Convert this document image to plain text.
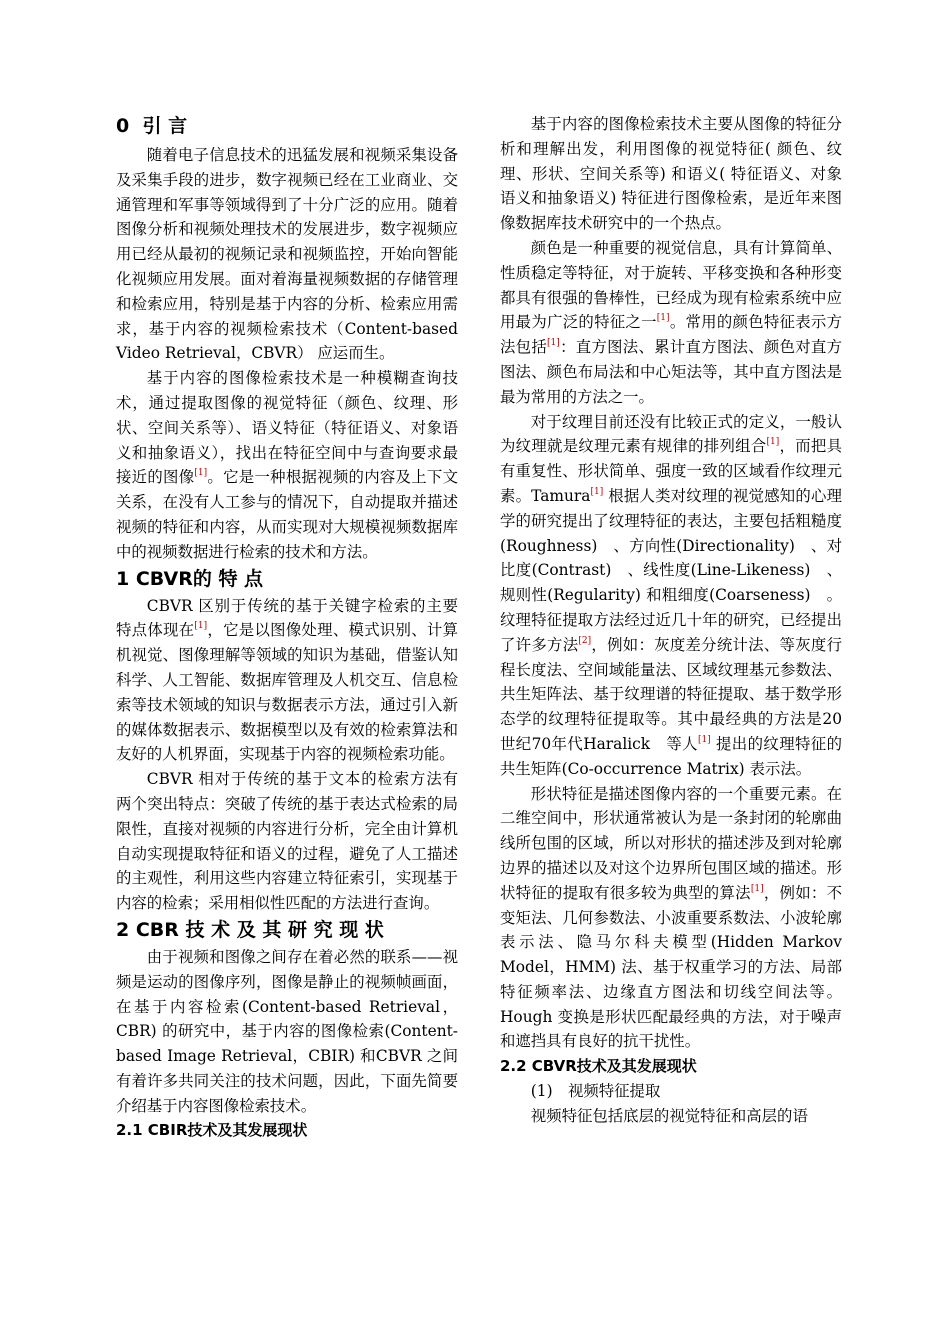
0  引 言

随着电子信息技术的迅猛发展和视频采集设备及采集手段的进步，数字视频已经在工业商业、交通管理和军事等领域得到了十分广泛的应用。随着图像分析和视频处理技术的发展进步，数字视频应用已经从最初的视频记录和视频监控，开始向智能化视频应用发展。面对着海量视频数据的存储管理和检索应用，特别是基于内容的分析、检索应用需求，基于内容的视频检索技术（Content-based Video Retrieval，CBVR） 应运而生。

基于内容的图像检索技术是一种模糊查询技术，通过提取图像的视觉特征（颜色、纹理、形状、空间关系等）、语义特征（特征语义、对象语义和抽象语义），找出在特征空间中与查询要求最接近的图像[1]。它是一种根据视频的内容及上下文关系，在没有人工参与的情况下，自动提取并描述视频的特征和内容，从而实现对大规模视频数据库中的视频数据进行检索的技术和方法。

1 CBVR的 特 点

CBVR 区别于传统的基于关键字检索的主要特点体现在[1]，它是以图像处理、模式识别、计算机视觉、图像理解等领域的知识为基础，借鉴认知科学、人工智能、数据库管理及人机交互、信息检索等技术领域的知识与数据表示方法，通过引入新的媒体数据表示、数据模型以及有效的检索算法和友好的人机界面，实现基于内容的视频检索功能。

CBVR 相对于传统的基于文本的检索方法有两个突出特点：突破了传统的基于表达式检索的局限性，直接对视频的内容进行分析，完全由计算机自动实现提取特征和语义的过程，避免了人工描述的主观性，利用这些内容建立特征索引，实现基于内容的检索；采用相似性匹配的方法进行查询。

2 CBR 技 术 及 其 研 究 现 状

由于视频和图像之间存在着必然的联系——视频是运动的图像序列，图像是静止的视频帧画面，在基于内容检索(Content-based Retrieval，CBR) 的研究中，基于内容的图像检索(Content-based Image Retrieval，CBIR) 和CBVR 之间有着许多共同关注的技术问题，因此，下面先简要介绍基于内容图像检索技术。

2.1 CBIR技术及其发展现状

基于内容的图像检索技术主要从图像的特征分析和理解出发，利用图像的视觉特征( 颜色、纹理、形状、空间关系等) 和语义( 特征语义、对象语义和抽象语义) 特征进行图像检索，是近年来图像数据库技术研究中的一个热点。

颜色是一种重要的视觉信息，具有计算简单、性质稳定等特征，对于旋转、平移变换和各种形变都具有很强的鲁棒性，已经成为现有检索系统中应用最为广泛的特征之一[1]。常用的颜色特征表示方法包括[1]：直方图法、累计直方图法、颜色对直方图法、颜色布局法和中心矩法等，其中直方图法是最为常用的方法之一。

对于纹理目前还没有比较正式的定义，一般认为纹理就是纹理元素有规律的排列组合[1]，而把具有重复性、形状简单、强度一致的区域看作纹理元素。Tamura[1] 根据人类对纹理的视觉感知的心理学的研究提出了纹理特征的表达，主要包括粗糙度(Roughness)　、方向性(Directionality)　、对比度(Contrast)　、线性度(Line-Likeness)　、规则性(Regularity) 和粗细度(Coarseness)　。纹理特征提取方法经过近几十年的研究，已经提出了许多方法[2]，例如：灰度差分统计法、等灰度行程长度法、空间域能量法、区域纹理基元参数法、共生矩阵法、基于纹理谱的特征提取、基于数学形态学的纹理特征提取等。其中最经典的方法是20世纪70年代Haralick　等人[1] 提出的纹理特征的共生矩阵(Co-occurrence Matrix) 表示法。

形状特征是描述图像内容的一个重要元素。在二维空间中，形状通常被认为是一条封闭的轮廓曲线所包围的区域，所以对形状的描述涉及到对轮廓边界的描述以及对这个边界所包围区域的描述。形状特征的提取有很多较为典型的算法[1]，例如：不变矩法、几何参数法、小波重要系数法、小波轮廓表示法、隐马尔科夫模型(Hidden Markov Model，HMM) 法、基于权重学习的方法、局部特征频率法、边缘直方图法和切线空间法等。Hough 变换是形状匹配最经典的方法，对于噪声和遮挡具有良好的抗干扰性。

2.2 CBVR技术及其发展现状

(1)　视频特征提取

视频特征包括底层的视觉特征和高层的语
